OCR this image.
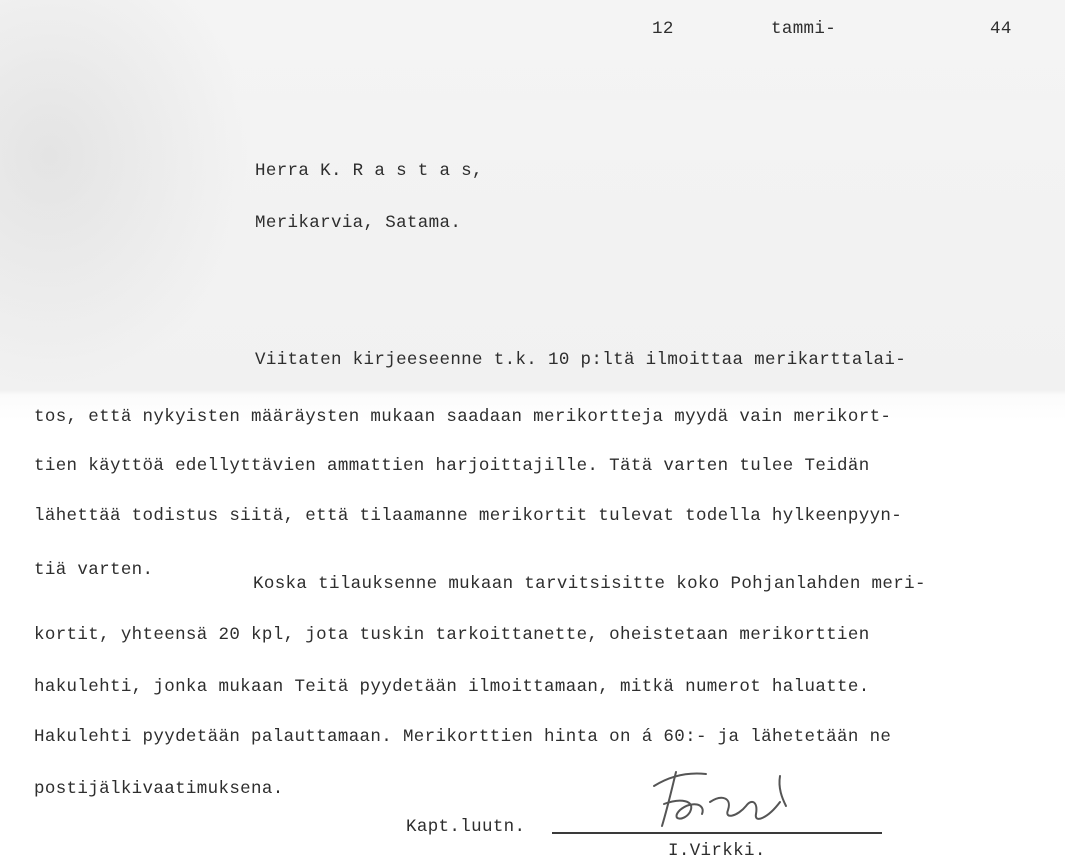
12	tammi-	44
Herra K. R a s t a s,
Merikarvia, Satama.
Viitaten kirjeeseenne t.k. 10 p:ltä ilmoittaa merikarttalai-
tos, että nykyisten määräysten mukaan saadaan merikortteja myydä vain merikort-
tien käyttöä edellyttävien ammattien harjoittajille. Tätä varten tulee Teidän
lähettää todistus siitä, että tilaamanne merikortit tulevat todella hylkeenpyyn-
tiä varten.
Koska tilauksenne mukaan tarvitsisitte koko Pohjanlahden meri-
kortit, yhteensä 20 kpl, jota tuskin tarkoittanette, oheistetaan merikorttien
hakulehti, jonka mukaan Teitä pyydetään ilmoittamaan, mitkä numerot haluatte.
Hakulehti pyydetään palauttamaan. Merikorttien hinta on á 60:- ja lähetetään ne
postijälkivaatimuksena.
Kapt.luutn.
I.Virkki.
